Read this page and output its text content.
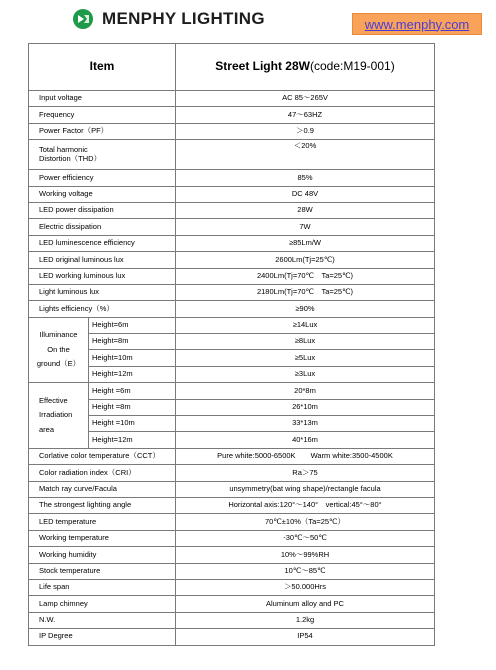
MENPHY LIGHTING	www.menphy.com
Item		Street Light 28W(code:M19-001)
Input voltage		AC 85～265V
Frequency		47～63HZ
Power Factor（PF）		＞0.9

Total harmonic
Distortion（THD）		＜20%
Power efficiency		85%
Working voltage		DC 48V
LED power dissipation		28W
Electric dissipation		7W
LED luminescence efficiency		≥85Lm/W
LED original luminous lux		2600Lm(Tj=25℃)
LED working luminous lux		2400Lm(Tj=70℃　Ta=25℃)
Light luminous lux		2180Lm(Tj=70℃　Ta=25℃)
Lights efficiency（%）		≥90%

Illuminance
On the
ground（E）	Height=6m	≥14Lux
	Height=8m	≥8Lux
	Height=10m	≥5Lux
	Height=12m	≥3Lux

Effective
Irradiation
area	Height =6m	20*8m
	Height =8m	26*10m
	Height =10m	33*13m
	Height=12m	40*16m
Corlative color temperature（CCT）		Pure white:5000-6500K　　 Warm white:3500-4500K
Color radiation index（CRI）		Ra＞75
Match ray curve/Facula		unsymmetry(bat wing shape)/rectangle facula
The strongest lighting angle		Horizontal axis:120°～140°　vertical:45°～80°
LED temperature		70℃±10%（Ta=25℃）
Working temperature		-30℃～50℃
Working humidity		10%～99%RH
Stock temperature		10℃～85℃
Life span		＞50.000Hrs
Lamp chimney		Aluminum alloy and PC
N.W.		1.2kg
IP Degree		IP54
